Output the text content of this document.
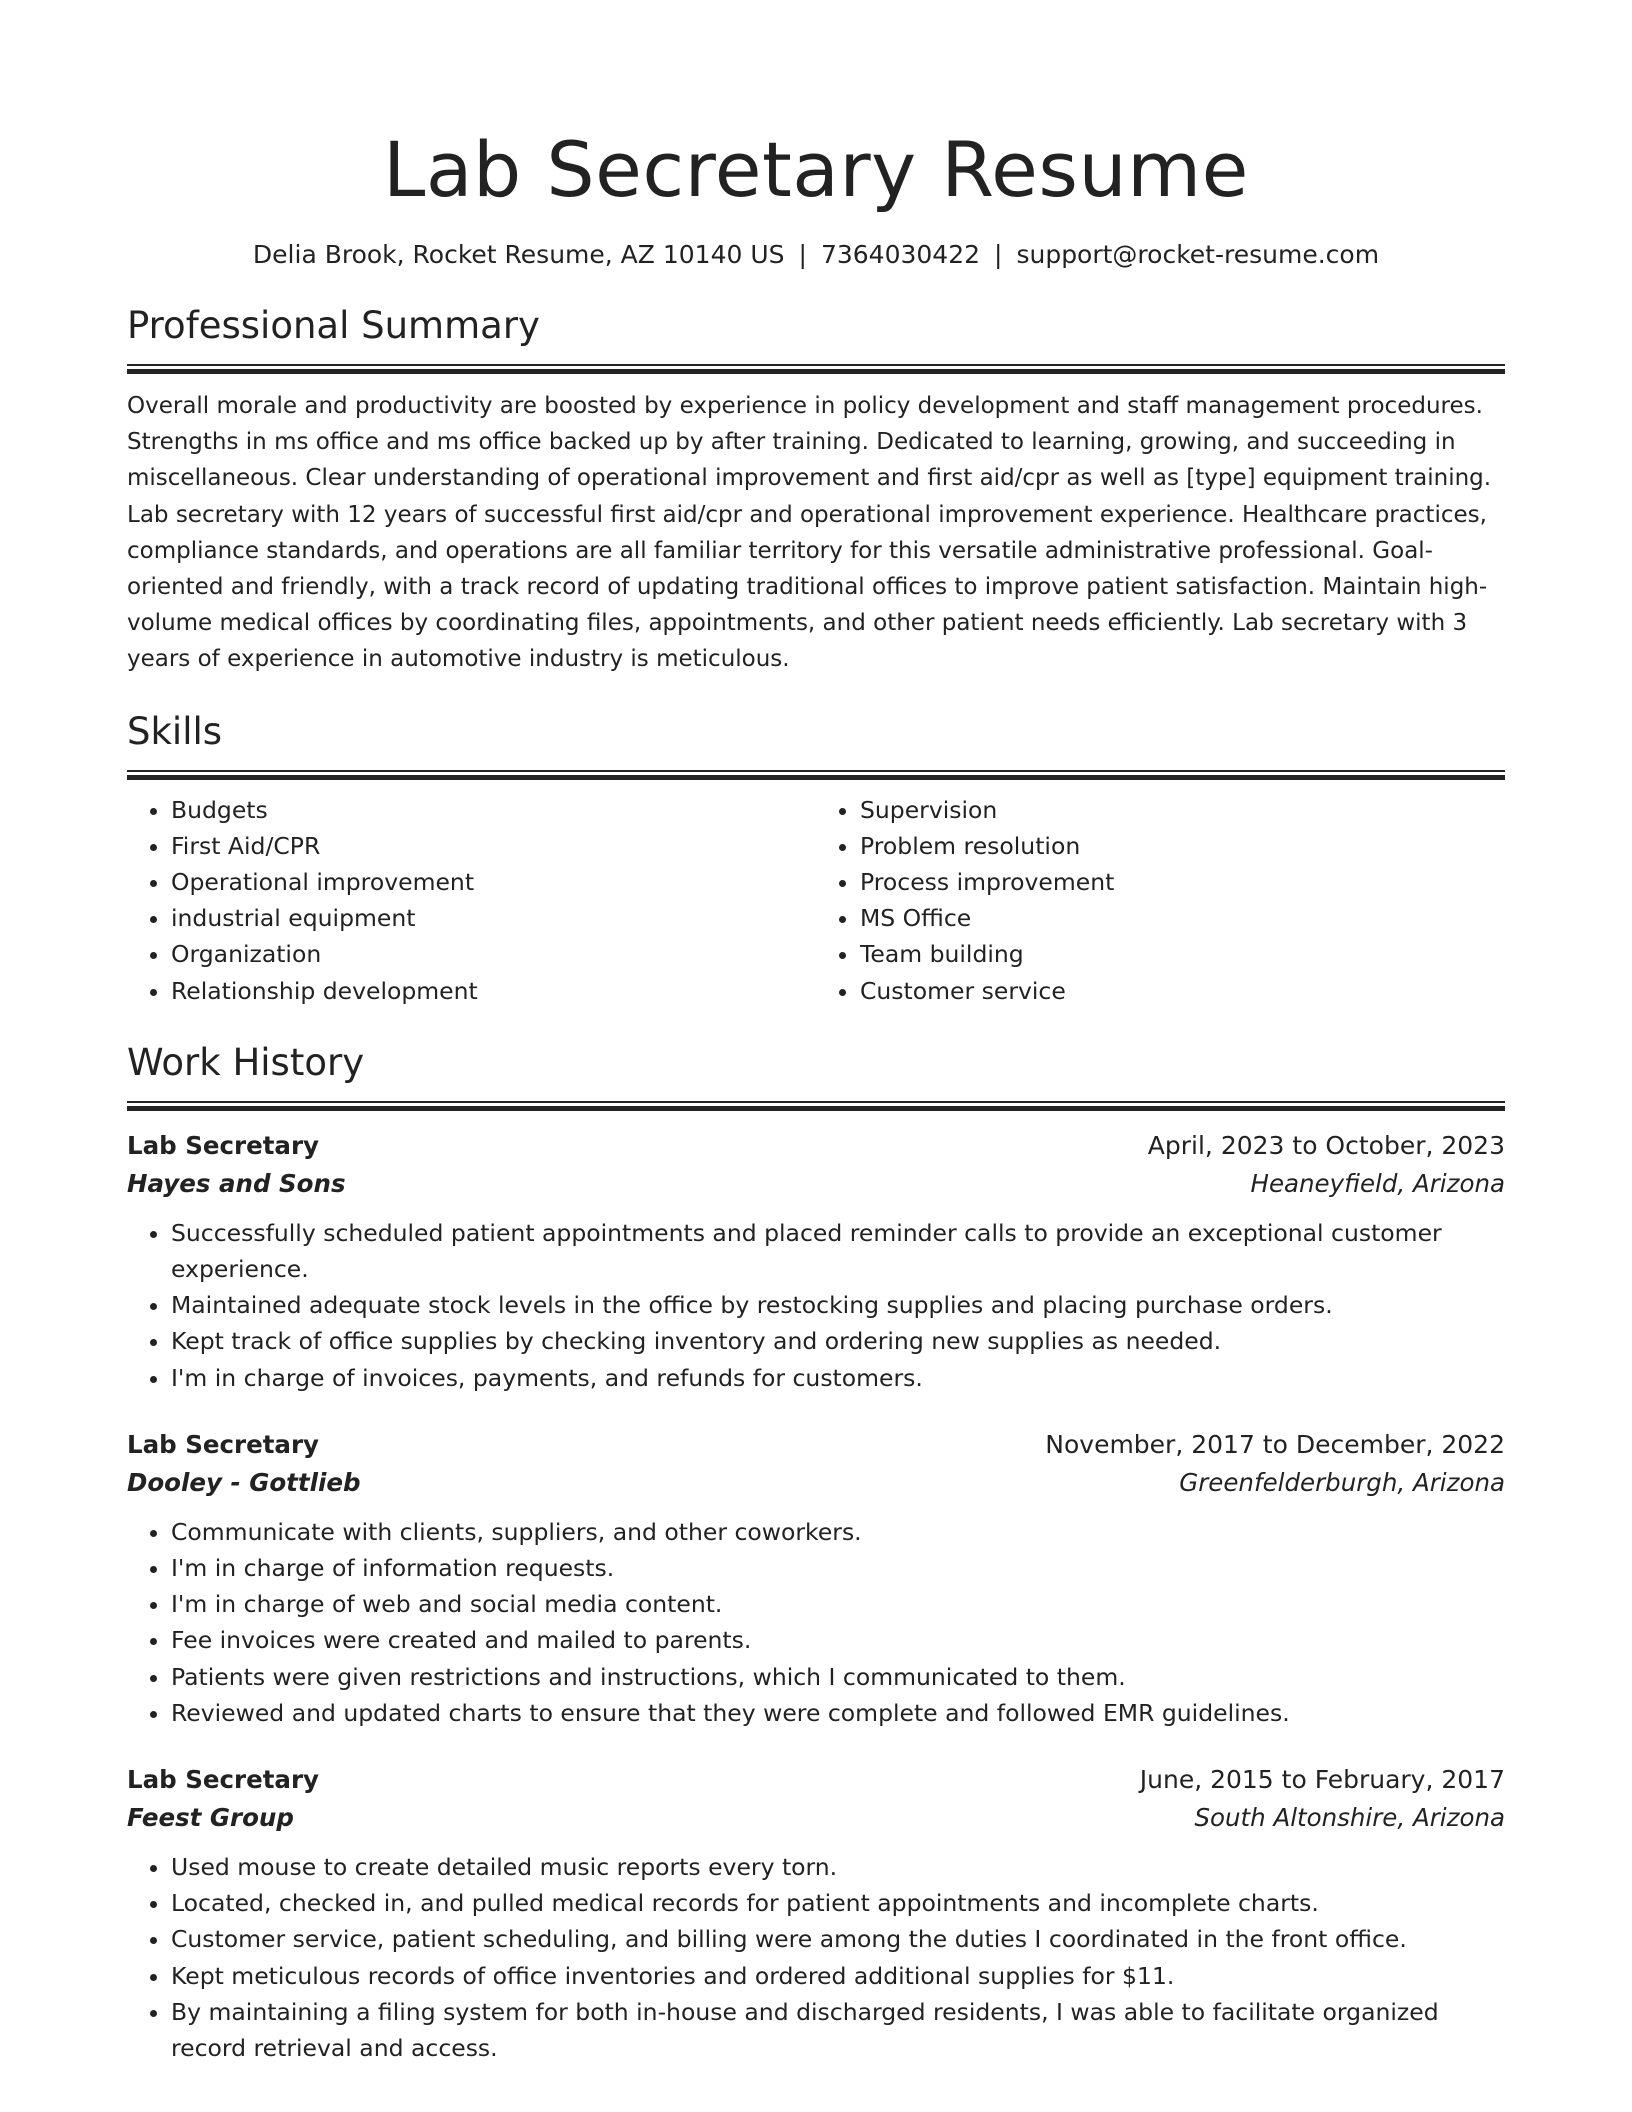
Lab Secretary Resume
Delia Brook, Rocket Resume, AZ 10140 US | 7364030422 | support@rocket-resume.com
Professional Summary
Overall morale and productivity are boosted by experience in policy development and staff management procedures. Strengths in ms office and ms office backed up by after training. Dedicated to learning, growing, and succeeding in miscellaneous. Clear understanding of operational improvement and first aid/cpr as well as [type] equipment training. Lab secretary with 12 years of successful first aid/cpr and operational improvement experience. Healthcare practices, compliance standards, and operations are all familiar territory for this versatile administrative professional. Goal-oriented and friendly, with a track record of updating traditional offices to improve patient satisfaction. Maintain high-volume medical offices by coordinating files, appointments, and other patient needs efficiently. Lab secretary with 3 years of experience in automotive industry is meticulous.
Skills
• Budgets
• First Aid/CPR
• Operational improvement
• industrial equipment
• Organization
• Relationship development
• Supervision
• Problem resolution
• Process improvement
• MS Office
• Team building
• Customer service
Work History
Lab Secretary	April, 2023 to October, 2023
Hayes and Sons	Heaneyfield, Arizona
• Successfully scheduled patient appointments and placed reminder calls to provide an exceptional customer experience.
• Maintained adequate stock levels in the office by restocking supplies and placing purchase orders.
• Kept track of office supplies by checking inventory and ordering new supplies as needed.
• I'm in charge of invoices, payments, and refunds for customers.
Lab Secretary	November, 2017 to December, 2022
Dooley - Gottlieb	Greenfelderburgh, Arizona
• Communicate with clients, suppliers, and other coworkers.
• I'm in charge of information requests.
• I'm in charge of web and social media content.
• Fee invoices were created and mailed to parents.
• Patients were given restrictions and instructions, which I communicated to them.
• Reviewed and updated charts to ensure that they were complete and followed EMR guidelines.
Lab Secretary	June, 2015 to February, 2017
Feest Group	South Altonshire, Arizona
• Used mouse to create detailed music reports every torn.
• Located, checked in, and pulled medical records for patient appointments and incomplete charts.
• Customer service, patient scheduling, and billing were among the duties I coordinated in the front office.
• Kept meticulous records of office inventories and ordered additional supplies for $11.
• By maintaining a filing system for both in-house and discharged residents, I was able to facilitate organized record retrieval and access.
